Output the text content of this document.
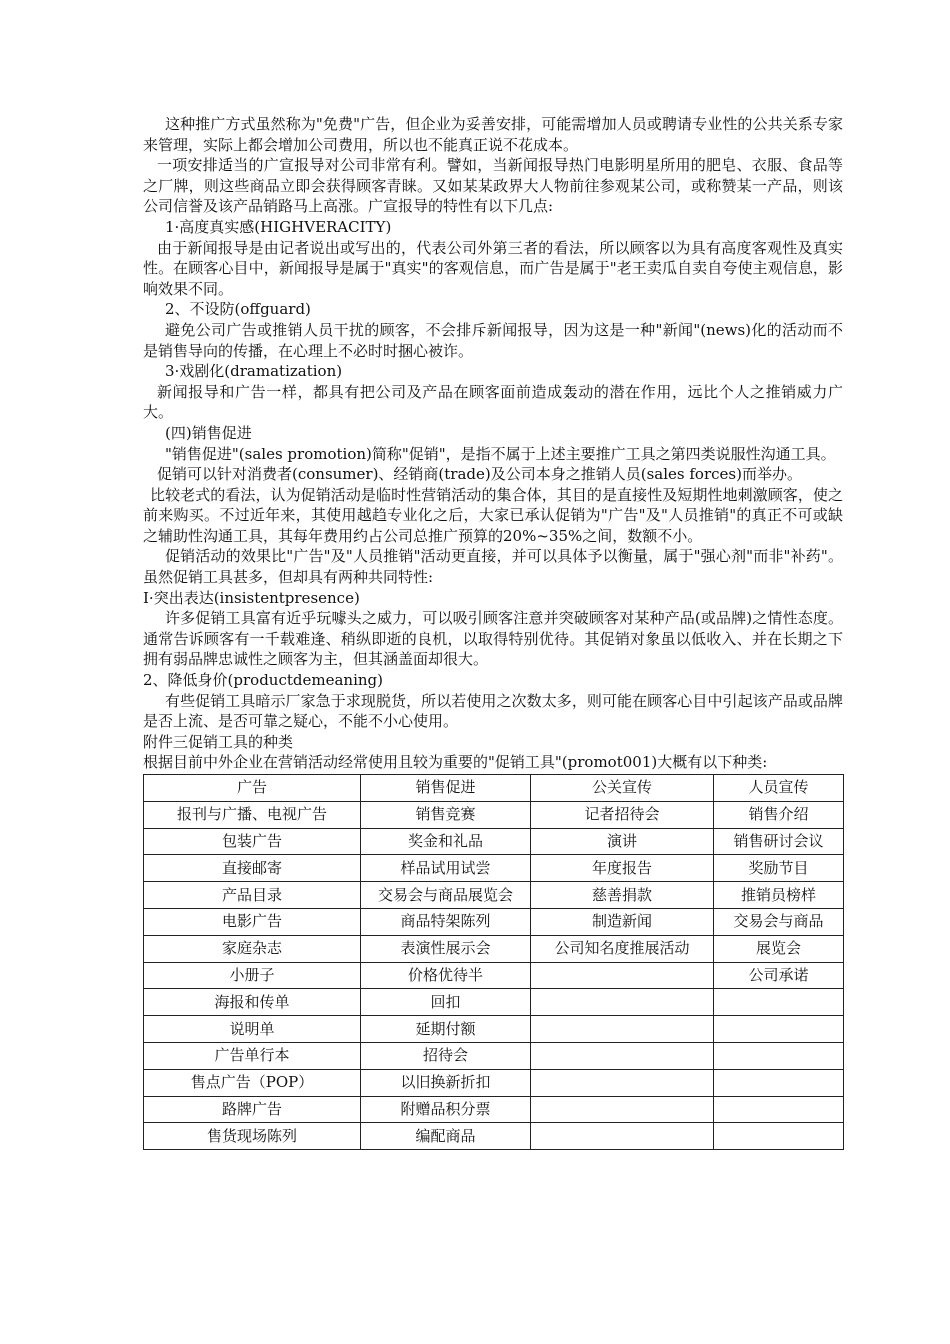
这种推广方式虽然称为"免费"广告，但企业为妥善安排，可能需增加人员或聘请专业性的公共关系专家来管理，实际上都会增加公司费用，所以也不能真正说不花成本。

一项安排适当的广宣报导对公司非常有利。譬如，当新闻报导热门电影明星所用的肥皂、衣服、食品等之厂牌，则这些商品立即会获得顾客青睐。又如某某政界大人物前往参观某公司，或称赞某一产品，则该公司信誉及该产品销路马上高涨。广宣报导的特性有以下几点:

1·高度真实感(HIGHVERACITY)

由于新闻报导是由记者说出或写出的，代表公司外第三者的看法，所以顾客以为具有高度客观性及真实性。在顾客心目中，新闻报导是属于"真实"的客观信息，而广告是属于"老王卖瓜自卖自夸使主观信息，影响效果不同。

2、不设防(offguard)

避免公司广告或推销人员干扰的顾客，不会排斥新闻报导，因为这是一种"新闻"(news)化的活动而不是销售导向的传播，在心理上不必时时捆心被诈。

3·戏剧化(dramatization)

新闻报导和广告一样，都具有把公司及产品在顾客面前造成轰动的潜在作用，远比个人之推销威力广大。

(四)销售促进

"销售促进"(sales promotion)简称"促销"，是指不属于上述主要推广工具之第四类说服性沟通工具。

促销可以针对消费者(consumer)、经销商(trade)及公司本身之推销人员(sales forces)而举办。

比较老式的看法，认为促销活动是临时性营销活动的集合体，其目的是直接性及短期性地刺激顾客，使之前来购买。不过近年来，其使用越趋专业化之后，大家已承认促销为"广告"及"人员推销"的真正不可或缺之辅助性沟通工具，其每年费用约占公司总推广预算的20%~35%之间，数额不小。

促销活动的效果比"广告"及"人员推销"活动更直接，并可以具体予以衡量，属于"强心剂"而非"补药"。虽然促销工具甚多，但却具有两种共同特性:

I·突出表达(insistentpresence)

许多促销工具富有近乎玩噱头之威力，可以吸引顾客注意并突破顾客对某种产品(或品牌)之情性态度。通常告诉顾客有一千载难逢、稍纵即逝的良机，以取得特别优待。其促销对象虽以低收入、并在长期之下拥有弱品牌忠诚性之顾客为主，但其涵盖面却很大。

2、降低身价(productdemeaning)

有些促销工具暗示厂家急于求现脱货，所以若使用之次数太多，则可能在顾客心目中引起该产品或品牌是否上流、是否可靠之疑心，不能不小心使用。

附件三促销工具的种类

根据目前中外企业在营销活动经常使用且较为重要的"促销工具"(promot001)大概有以下种类:

广告	销售促进	公关宣传	人员宣传
报刊与广播、电视广告	销售竞赛	记者招待会	销售介绍
包装广告	奖金和礼品	演讲	销售研讨会议
直接邮寄	样品试用试尝	年度报告	奖励节目
产品目录	交易会与商品展览会	慈善捐款	推销员榜样
电影广告	商品特架陈列	制造新闻	交易会与商品
家庭杂志	表演性展示会	公司知名度推展活动	展览会
小册子	价格优待半		公司承诺
海报和传单	回扣		
说明单	延期付额		
广告单行本	招待会		
售点广告（POP）	以旧换新折扣		
路牌广告	附赠品积分票		
售货现场陈列	编配商品		
